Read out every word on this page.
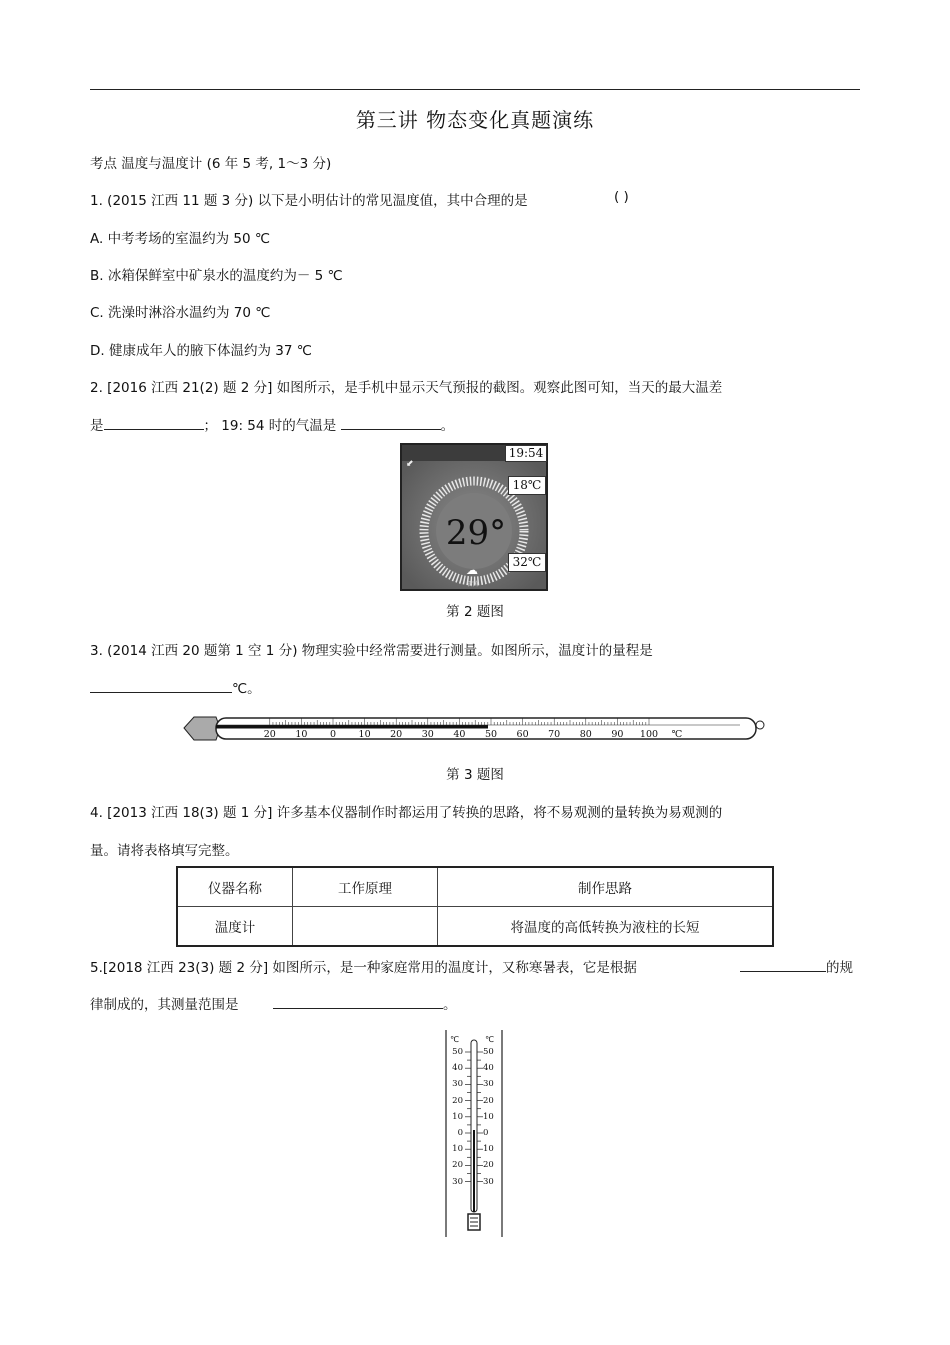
第三讲 物态变化真题演练
考点 温度与温度计 (6 年 5 考, 1～3 分)
1. (2015 江西 11 题 3 分) 以下是小明估计的常见温度值，其中合理的是	( )
A. 中考考场的室温约为 50 ℃
B. 冰箱保鲜室中矿泉水的温度约为－ 5 ℃
C. 洗澡时淋浴水温约为 70 ℃
D. 健康成年人的腋下体温约为 37 ℃
2. [2016 江西 21(2) 题 2 分] 如图所示，是手机中显示天气预报的截图。观察此图可知，当天的最大温差
是	； 19: 54 时的气温是	。
⬋
19:54
18℃
29°
32℃
☁
雷阵
第 2 题图
3. (2014 江西 20 题第 1 空 1 分) 物理实验中经常需要进行测量。如图所示，温度计的量程是
℃。
20	10	0	10	20	30	40	50	60	70	80	90	100	℃
第 3 题图
4. [2013 江西 18(3) 题 1 分] 许多基本仪器制作时都运用了转换的思路，将不易观测的量转换为易观测的
量。请将表格填写完整。
仪器名称	工作原理	制作思路
温度计		将温度的高低转换为液柱的长短
5.[2018 江西 23(3) 题 2 分] 如图所示，是一种家庭常用的温度计，又称寒暑表，它是根据	的规
律制成的，其测量范围是	。
℃	℃
50 50
40 40
30 30
20 20
10 10
0 0
10 10
20 20
30 30
